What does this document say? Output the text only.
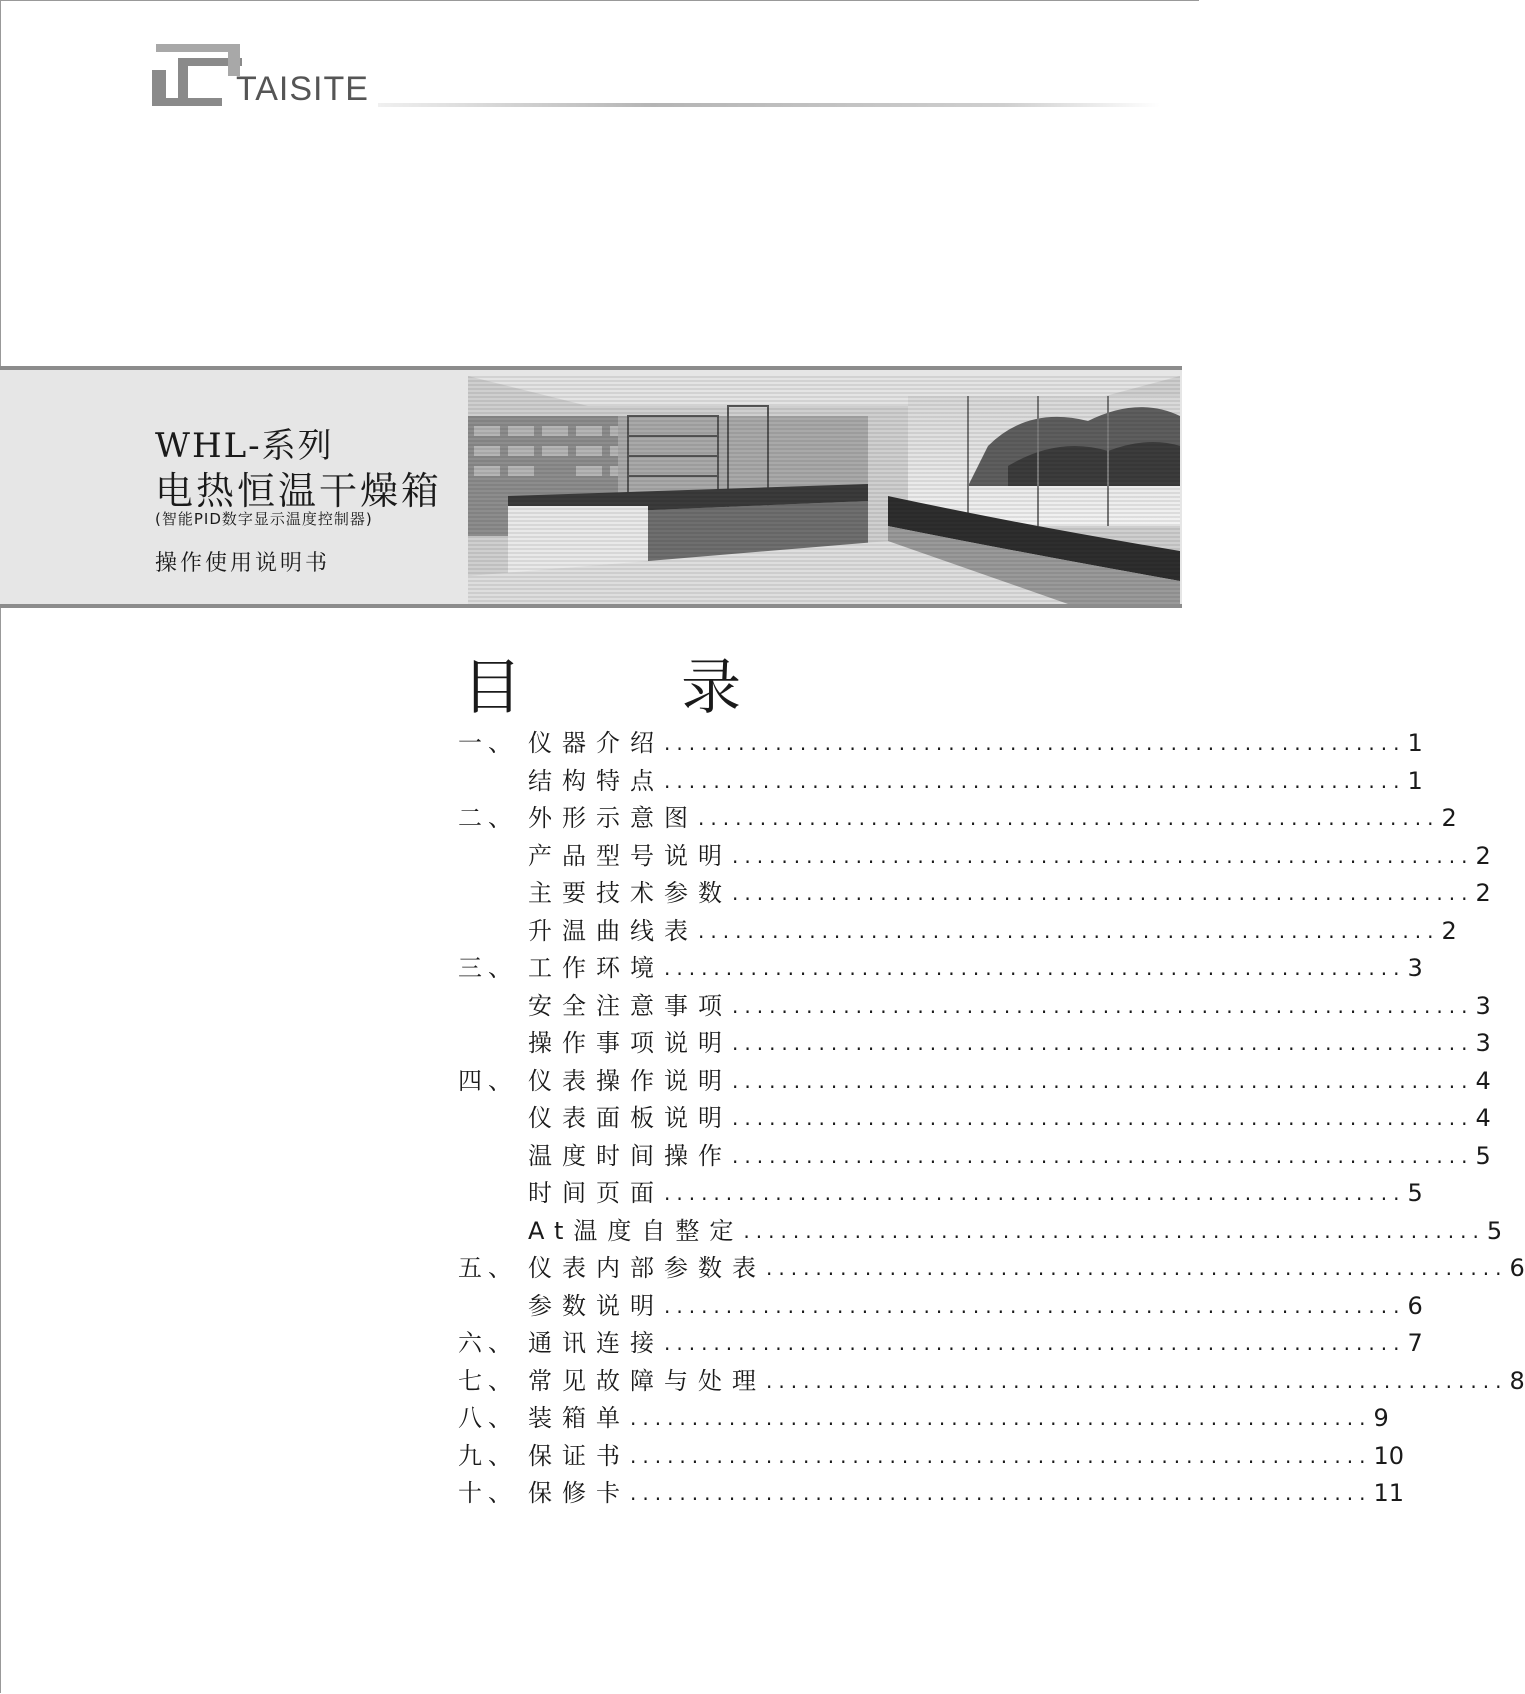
TAISITE
WHL-系列
电热恒温干燥箱
(智能PID数字显示温度控制器)
操作使用说明书
目 录
一、 仪器介绍 ............................................................ 1
结构特点 ............................................................ 1
二、 外形示意图 ............................................................ 2
产品型号说明 ............................................................ 2
主要技术参数 ............................................................ 2
升温曲线表 ............................................................ 2
三、 工作环境 ............................................................ 3
安全注意事项 ............................................................ 3
操作事项说明 ............................................................ 3
四、 仪表操作说明 ............................................................ 4
仪表面板说明 ............................................................ 4
温度时间操作 ............................................................ 5
时间页面 ............................................................ 5
At温度自整定 ............................................................ 5
五、 仪表内部参数表 ............................................................ 6
参数说明 ............................................................ 6
六、 通讯连接 ............................................................ 7
七、 常见故障与处理 ............................................................ 8
八、 装箱单 ............................................................ 9
九、 保证书 ............................................................ 10
十、 保修卡 ............................................................ 11
